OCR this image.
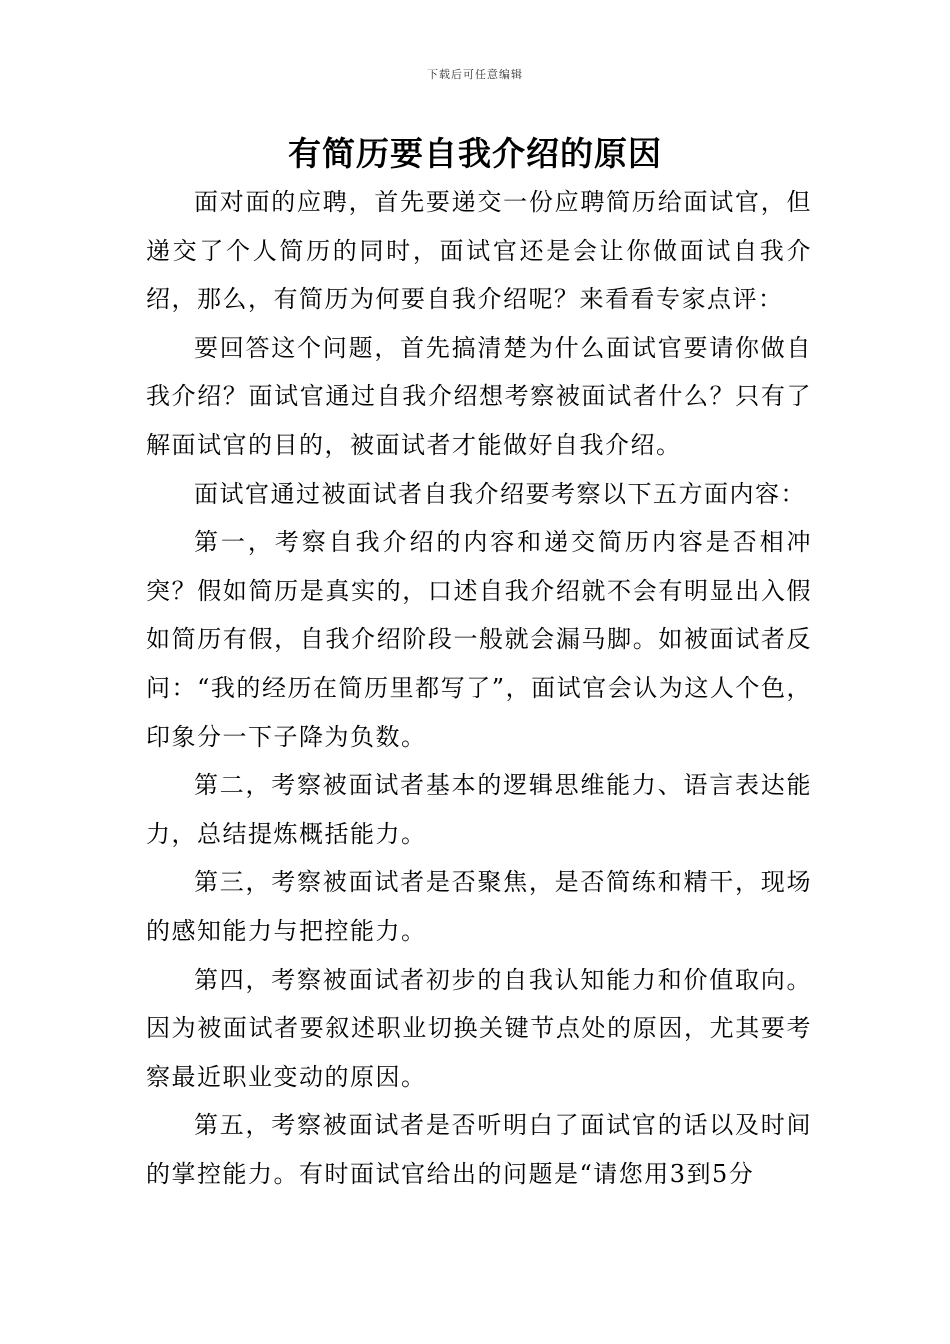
下载后可任意编辑
有简历要自我介绍的原因

面对面的应聘，首先要递交一份应聘简历给面试官，但递交了个人简历的同时，面试官还是会让你做面试自我介绍，那么，有简历为何要自我介绍呢？来看看专家点评：

要回答这个问题，首先搞清楚为什么面试官要请你做自我介绍？面试官通过自我介绍想考察被面试者什么？只有了解面试官的目的，被面试者才能做好自我介绍。

面试官通过被面试者自我介绍要考察以下五方面内容：

第一，考察自我介绍的内容和递交简历内容是否相冲突？假如简历是真实的，口述自我介绍就不会有明显出入假如简历有假，自我介绍阶段一般就会漏马脚。如被面试者反问：“我的经历在简历里都写了”，面试官会认为这人个色，印象分一下子降为负数。

第二，考察被面试者基本的逻辑思维能力、语言表达能力，总结提炼概括能力。

第三，考察被面试者是否聚焦，是否简练和精干，现场的感知能力与把控能力。

第四，考察被面试者初步的自我认知能力和价值取向。因为被面试者要叙述职业切换关键节点处的原因，尤其要考察最近职业变动的原因。

第五，考察被面试者是否听明白了面试官的话以及时间的掌控能力。有时面试官给出的问题是“请您用3到5分
